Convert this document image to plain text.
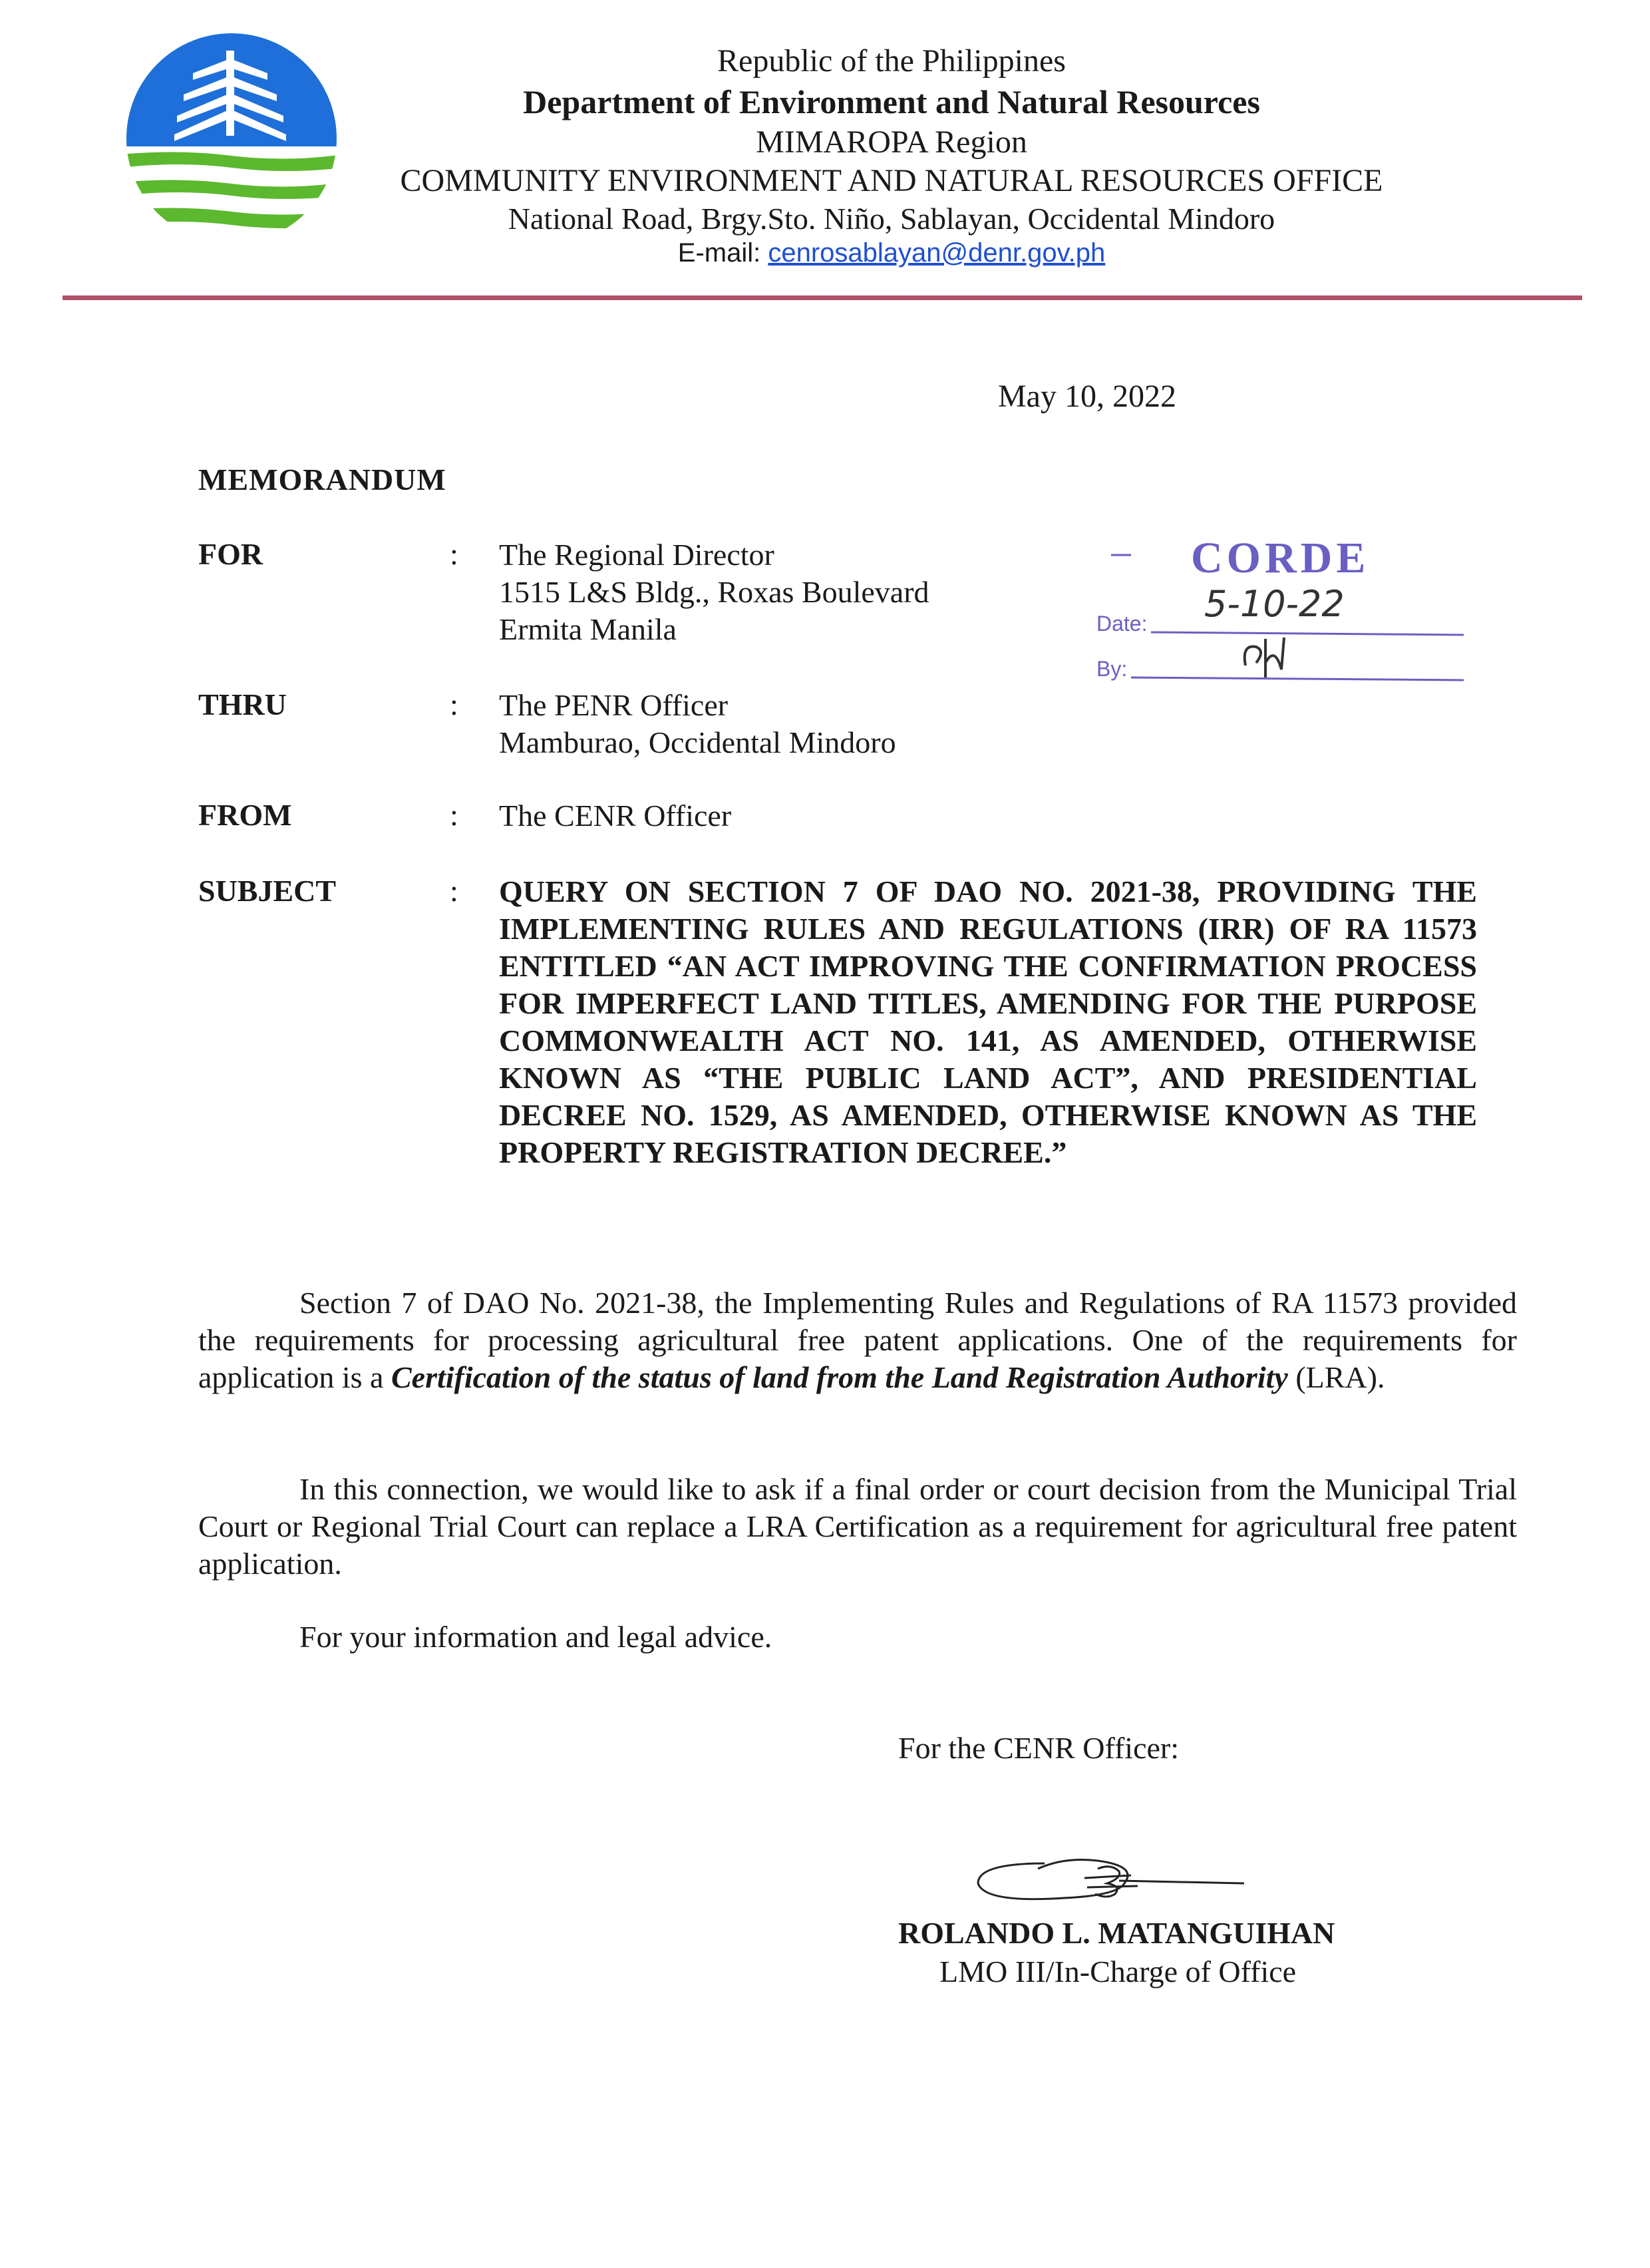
Republic of the Philippines
Department of Environment and Natural Resources
MIMAROPA Region
COMMUNITY ENVIRONMENT AND NATURAL RESOURCES OFFICE
National Road, Brgy.Sto. Niño, Sablayan, Occidental Mindoro
E-mail: cenrosablayan@denr.gov.ph
May 10, 2022
MEMORANDUM
FOR	: The Regional Director
1515 L&S Bldg., Roxas Boulevard
Ermita Manila
THRU	: The PENR Officer
Mamburao, Occidental Mindoro
FROM	: The CENR Officer
SUBJECT	: QUERY ON SECTION 7 OF DAO NO. 2021-38, PROVIDING THE IMPLEMENTING RULES AND REGULATIONS (IRR) OF RA 11573 ENTITLED “AN ACT IMPROVING THE CONFIRMATION PROCESS FOR IMPERFECT LAND TITLES, AMENDING FOR THE PURPOSE COMMONWEALTH ACT NO. 141, AS AMENDED, OTHERWISE KNOWN AS “THE PUBLIC LAND ACT”, AND PRESIDENTIAL DECREE NO. 1529, AS AMENDED, OTHERWISE KNOWN AS THE PROPERTY REGISTRATION DECREE.”
CORDE
Date: 5-10-22
By:
Section 7 of DAO No. 2021-38, the Implementing Rules and Regulations of RA 11573 provided the requirements for processing agricultural free patent applications. One of the requirements for application is a Certification of the status of land from the Land Registration Authority (LRA).
In this connection, we would like to ask if a final order or court decision from the Municipal Trial Court or Regional Trial Court can replace a LRA Certification as a requirement for agricultural free patent application.
For your information and legal advice.
For the CENR Officer:
ROLANDO L. MATANGUIHAN
LMO III/In-Charge of Office
